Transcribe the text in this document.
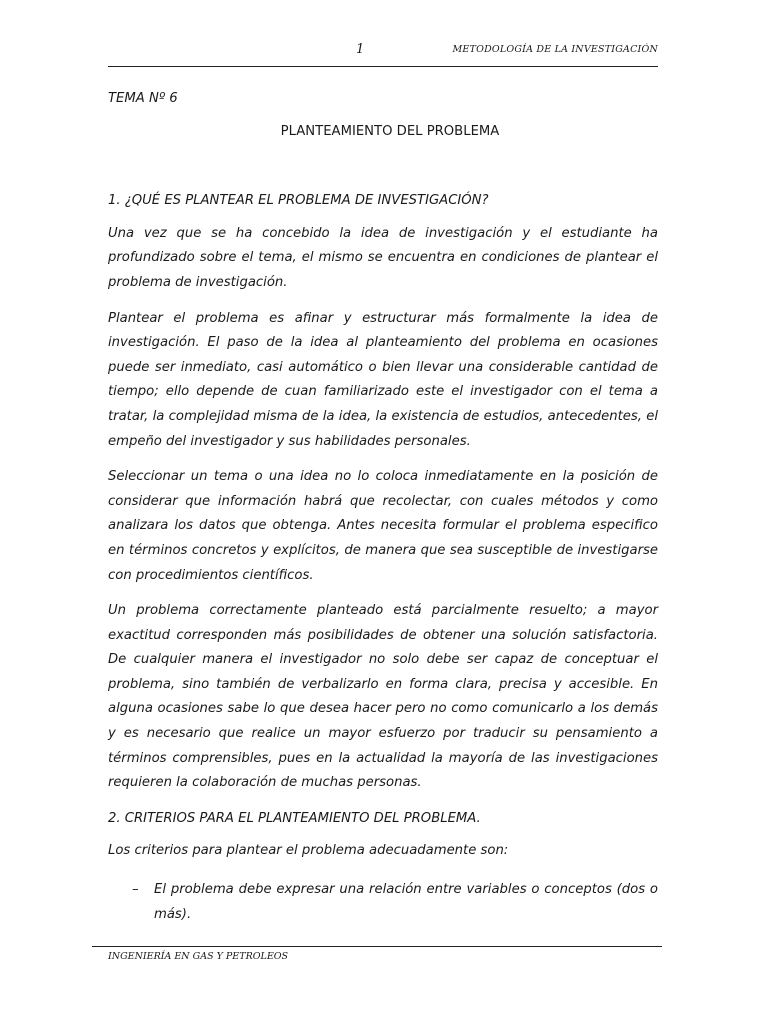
1	METODOLOGÍA DE LA INVESTIGACIÓN

TEMA Nº 6

PLANTEAMIENTO DEL PROBLEMA

1. ¿QUÉ ES PLANTEAR EL PROBLEMA DE INVESTIGACIÓN?

Una vez que se ha concebido la idea de investigación y el estudiante ha profundizado sobre el tema, el mismo se encuentra en condiciones de plantear el problema de investigación.

Plantear el problema es afinar y estructurar más formalmente la idea de investigación. El paso de la idea al planteamiento del problema en ocasiones puede ser inmediato, casi automático o bien llevar una considerable cantidad de tiempo; ello depende de cuan familiarizado este el investigador con el tema a tratar, la complejidad misma de la idea, la existencia de estudios, antecedentes, el empeño del investigador y sus habilidades personales.

Seleccionar un tema o una idea no lo coloca inmediatamente en la posición de considerar que información habrá que recolectar, con cuales métodos y como analizara los datos que obtenga. Antes necesita formular el problema especifico en términos concretos y explícitos, de manera que sea susceptible de investigarse con procedimientos científicos.

Un problema correctamente planteado está parcialmente resuelto; a mayor exactitud corresponden más posibilidades de obtener una solución satisfactoria. De cualquier manera el investigador no solo debe ser capaz de conceptuar el problema, sino también de verbalizarlo en forma clara, precisa y accesible. En alguna ocasiones sabe lo que desea hacer pero no como comunicarlo a los demás y es necesario que realice un mayor esfuerzo por traducir su pensamiento a términos comprensibles, pues en la actualidad la mayoría de las investigaciones requieren la colaboración de muchas personas.

2. CRITERIOS PARA EL PLANTEAMIENTO DEL PROBLEMA.

Los criterios para plantear el problema adecuadamente son:

– El problema debe expresar una relación entre variables o conceptos (dos o más).
INGENIERÍA EN GAS Y PETROLEOS
